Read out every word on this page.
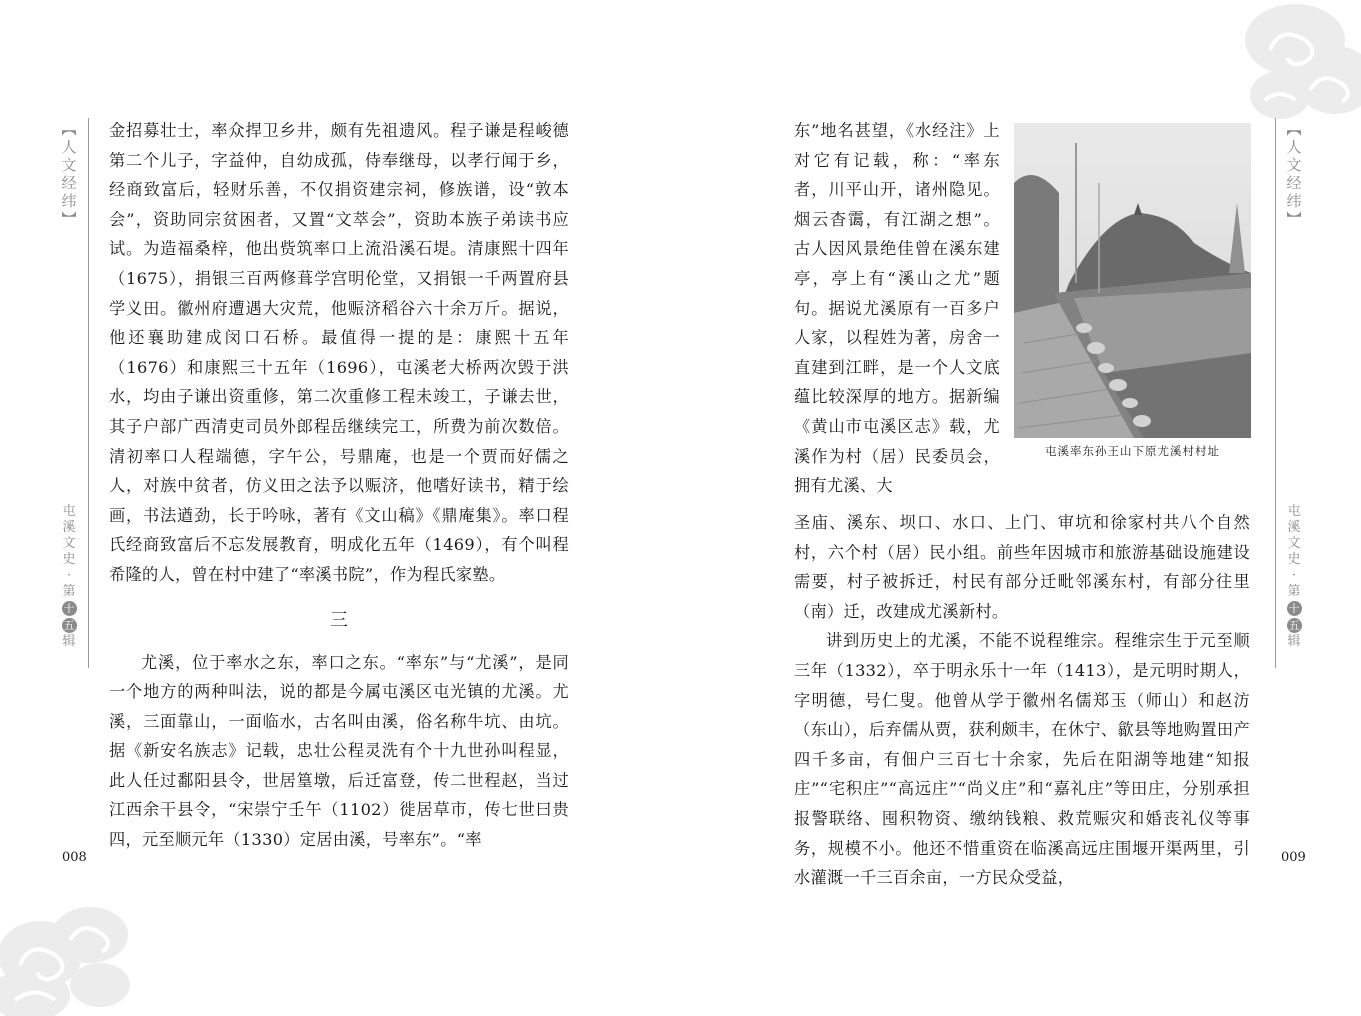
︻
人
文
经
纬
︼
屯
溪
文
史
·
第
十五
辑
008

金招募壮士，率众捍卫乡井，颇有先祖遗风。程子谦是程峻德第二个儿子，字益仲，自幼成孤，侍奉继母，以孝行闻于乡，经商致富后，轻财乐善，不仅捐资建宗祠，修族谱，设“敦本会”，资助同宗贫困者，又置“文萃会”，资助本族子弟读书应试。为造福桑梓，他出赀筑率口上流沿溪石堤。清康熙十四年（1675），捐银三百两修葺学宫明伦堂，又捐银一千两置府县学义田。徽州府遭遇大灾荒，他赈济稻谷六十余万斤。据说，他还襄助建成闵口石桥。最值得一提的是：康熙十五年（1676）和康熙三十五年（1696），屯溪老大桥两次毁于洪水，均由子谦出资重修，第二次重修工程未竣工，子谦去世，其子户部广西清吏司员外郎程岳继续完工，所费为前次数倍。清初率口人程端德，字午公，号鼎庵，也是一个贾而好儒之人，对族中贫者，仿义田之法予以赈济，他嗜好读书，精于绘画，书法遒劲，长于吟咏，著有《文山稿》《鼎庵集》。率口程氏经商致富后不忘发展教育，明成化五年（1469），有个叫程希隆的人，曾在村中建了“率溪书院”，作为程氏家塾。

三

尤溪，位于率水之东，率口之东。“率东”与“尤溪”，是同一个地方的两种叫法，说的都是今属屯溪区屯光镇的尤溪。尤溪，三面靠山，一面临水，古名叫由溪，俗名称牛坑、由坑。据《新安名族志》记载，忠壮公程灵洗有个十九世孙叫程显，此人任过鄱阳县令，世居篁墩，后迁富登，传二世程赵，当过江西余干县令，“宋崇宁壬午（1102）徙居草市，传七世曰贵四，元至顺元年（1330）定居由溪，号率东”。“率

东”地名甚望，《水经注》上对它有记载，称：“率东者，川平山开，诸州隐见。烟云杳霭，有江湖之想”。古人因风景绝佳曾在溪东建亭，亭上有“溪山之尤”题句。据说尤溪原有一百多户人家，以程姓为著，房舍一直建到江畔，是一个人文底蕴比较深厚的地方。据新编《黄山市屯溪区志》载，尤溪作为村（居）民委员会，拥有尤溪、大

屯溪率东孙王山下原尤溪村村址

圣庙、溪东、坝口、水口、上门、审坑和徐家村共八个自然村，六个村（居）民小组。前些年因城市和旅游基础设施建设需要，村子被拆迁，村民有部分迁毗邻溪东村，有部分往里（南）迁，改建成尤溪新村。

讲到历史上的尤溪，不能不说程维宗。程维宗生于元至顺三年（1332），卒于明永乐十一年（1413），是元明时期人，字明德，号仁叟。他曾从学于徽州名儒郑玉（师山）和赵汸（东山），后弃儒从贾，获利颇丰，在休宁、歙县等地购置田产四千多亩，有佃户三百七十余家，先后在阳湖等地建“知报庄”“宅积庄”“高远庄”“尚义庄”和“嘉礼庄”等田庄，分别承担报警联络、囤积物资、缴纳钱粮、救荒赈灾和婚丧礼仪等事务，规模不小。他还不惜重资在临溪高远庄围堰开渠两里，引水灌溉一千三百余亩，一方民众受益，

︻
人
文
经
纬
︼
屯
溪
文
史
·
第
十五
辑
009
